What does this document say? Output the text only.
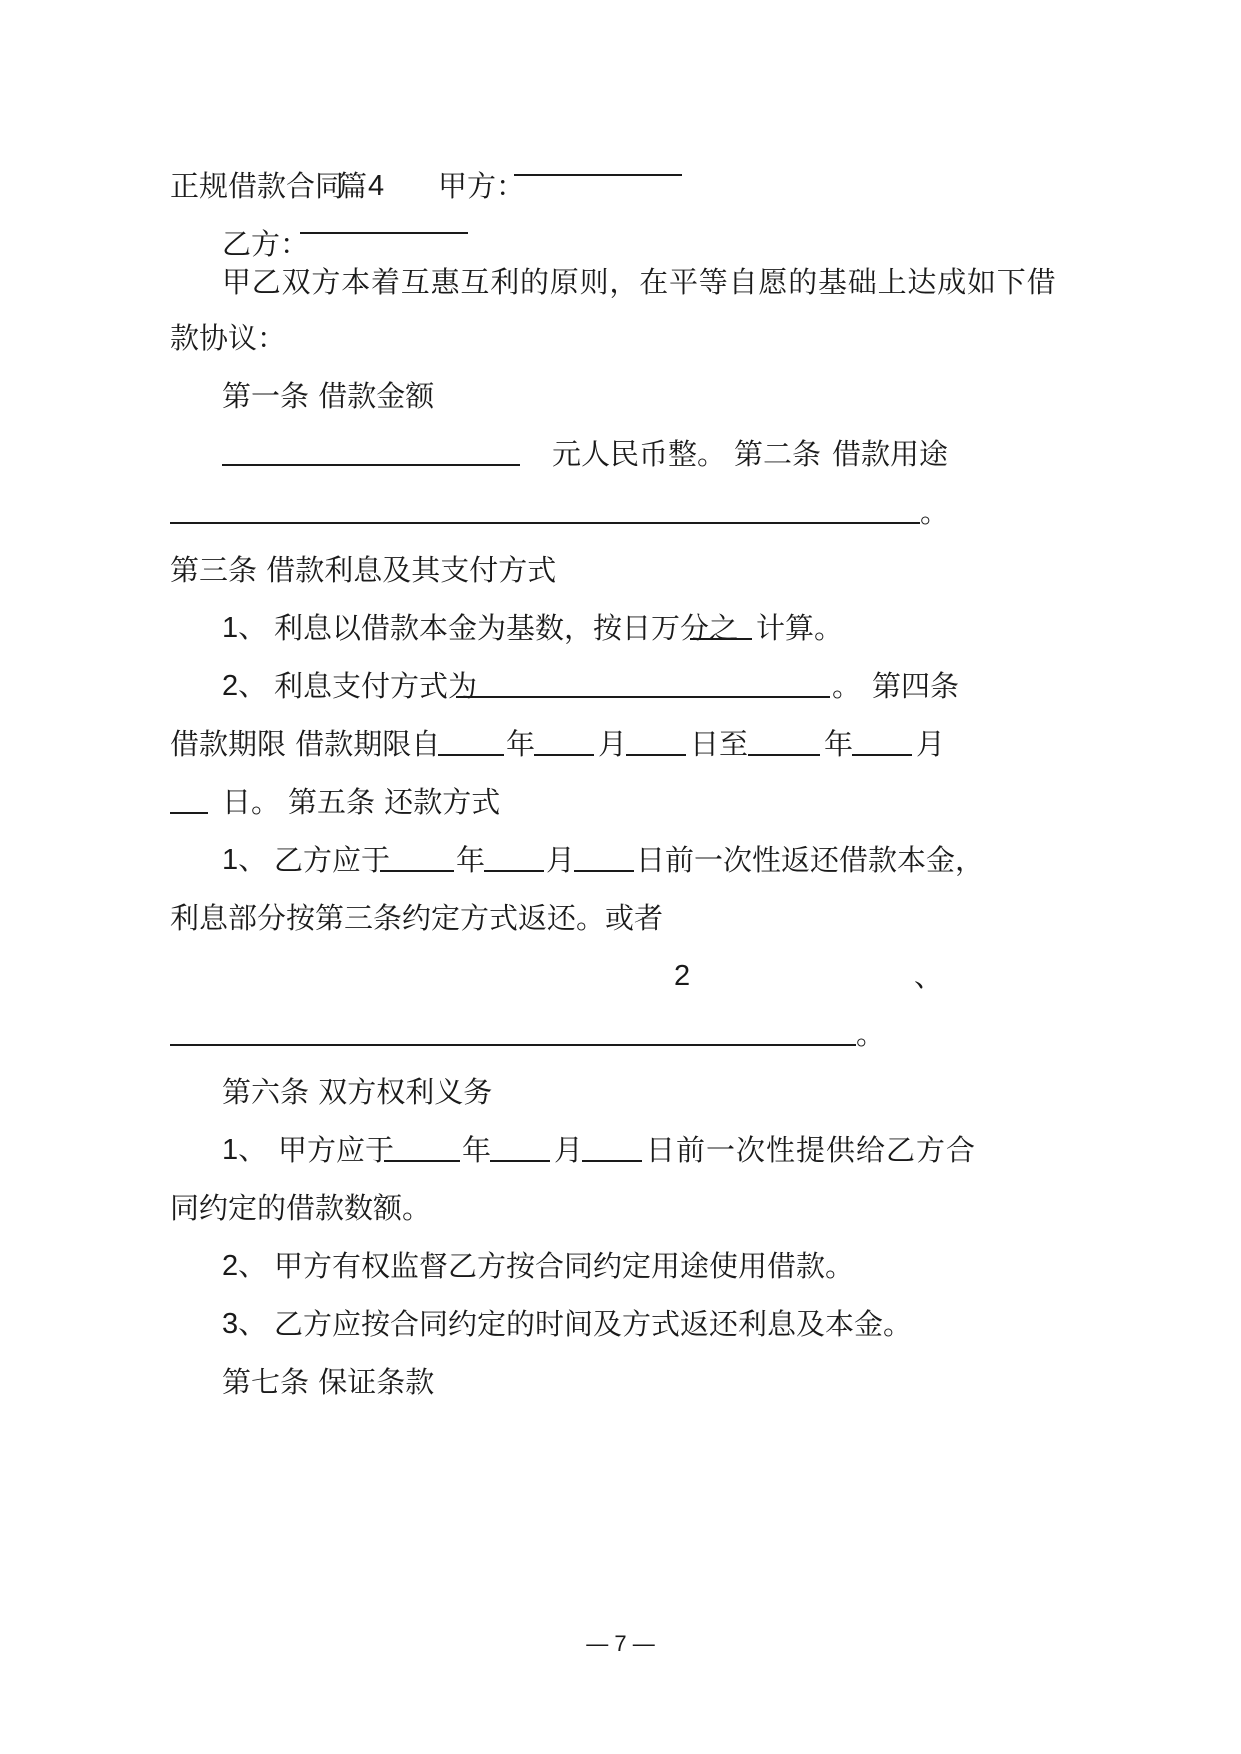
正规借款合同
篇 4 甲方：
乙方：
甲乙双方本着互惠互利的原则，在平等自愿的基础上达成如下借
款协议：
第一条 借款金额
元人民币整。 第二条 借款用途
。
第三条 借款利息及其支付方式
1、 利息以借款本金为基数，按日万分之 计算。
2、 利息支付方式为	。 第四条
借款期限 借款期限自 年 月 日至	年 月
日。 第五条 还款方式
1、 乙方应于 年 月 日前一次性返还借款本金，
利息部分按第三条约定方式返还。或者
2	、
。
第六条 双方权利义务
1、 甲方应于 年 月 日前一次性提供给乙方合
同约定的借款数额。
2、 甲方有权监督乙方按合同约定用途使用借款。
3、 乙方应按合同约定的时间及方式返还利息及本金。
第七条 保证条款
— 7 —
